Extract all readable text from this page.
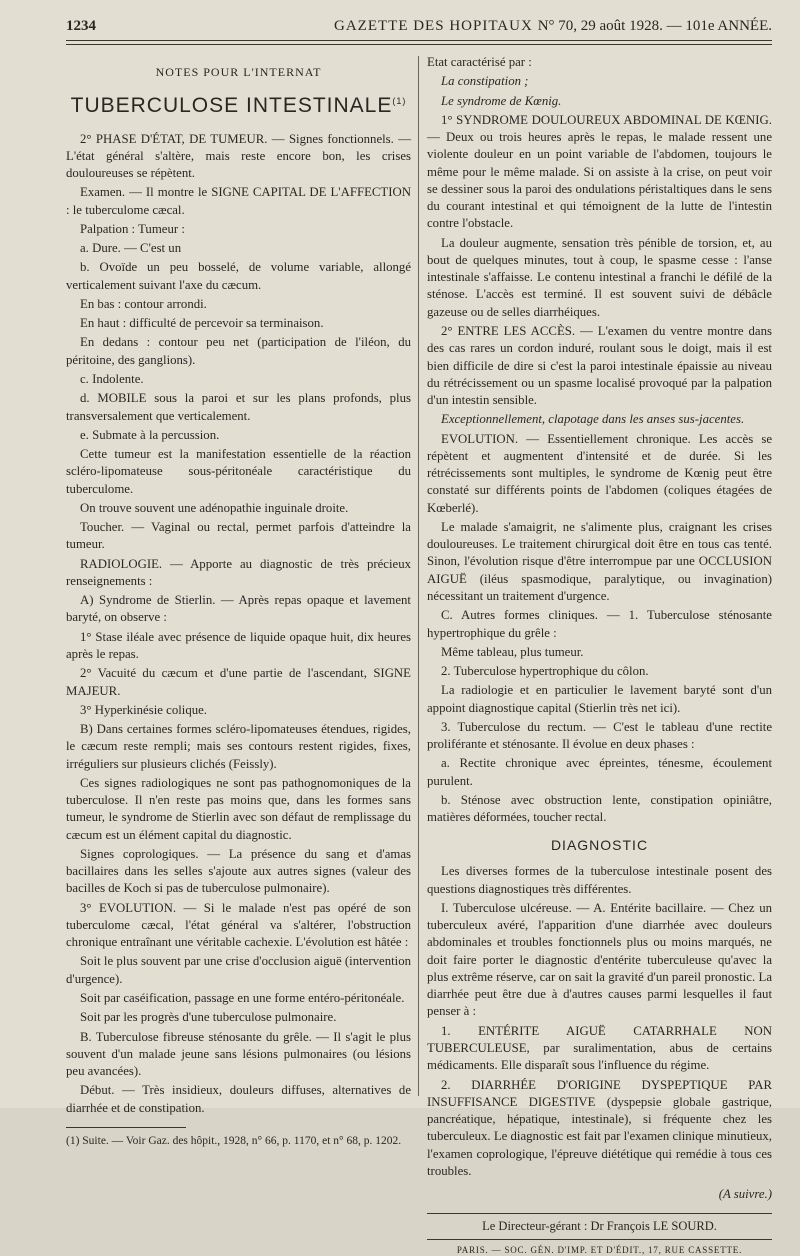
1234	GAZETTE DES HOPITAUX N° 70, 29 août 1928. — 101e ANNÉE.
NOTES POUR L'INTERNAT
TUBERCULOSE INTESTINALE$^{(1)}$

2° PHASE D'ÉTAT, DE TUMEUR. — Signes fonctionnels. — L'état général s'altère, mais reste encore bon, les crises douloureuses se répètent.

Examen. — Il montre le SIGNE CAPITAL DE L'AFFECTION : le tuberculome cæcal.

Palpation : Tumeur :

a. Dure. — C'est un

b. Ovoïde un peu bosselé, de volume variable, allongé verticalement suivant l'axe du cæcum.

En bas : contour arrondi.

En haut : difficulté de percevoir sa terminaison.

En dedans : contour peu net (participation de l'iléon, du péritoine, des ganglions).

c. Indolente.

d. MOBILE sous la paroi et sur les plans profonds, plus transversalement que verticalement.

e. Submate à la percussion.

Cette tumeur est la manifestation essentielle de la réaction scléro-lipomateuse sous-péritonéale caractéristique du tuberculome.

On trouve souvent une adénopathie inguinale droite.

Toucher. — Vaginal ou rectal, permet parfois d'atteindre la tumeur.

RADIOLOGIE. — Apporte au diagnostic de très précieux renseignements :

A) Syndrome de Stierlin. — Après repas opaque et lavement baryté, on observe :

1° Stase iléale avec présence de liquide opaque huit, dix heures après le repas.

2° Vacuité du cæcum et d'une partie de l'ascendant, SIGNE MAJEUR.

3° Hyperkinésie colique.

B) Dans certaines formes scléro-lipomateuses étendues, rigides, le cæcum reste rempli; mais ses contours restent rigides, fixes, irréguliers sur plusieurs clichés (Feissly).

Ces signes radiologiques ne sont pas pathognomoniques de la tuberculose. Il n'en reste pas moins que, dans les formes sans tumeur, le syndrome de Stierlin avec son défaut de remplissage du cæcum est un élément capital du diagnostic.

Signes coprologiques. — La présence du sang et d'amas bacillaires dans les selles s'ajoute aux autres signes (valeur des bacilles de Koch si pas de tuberculose pulmonaire).

3° EVOLUTION. — Si le malade n'est pas opéré de son tuberculome cæcal, l'état général va s'altérer, l'obstruction chronique entraînant une véritable cachexie. L'évolution est hâtée :

Soit le plus souvent par une crise d'occlusion aiguë (intervention d'urgence).

Soit par caséification, passage en une forme entéro-péritonéale.

Soit par les progrès d'une tuberculose pulmonaire.

B. Tuberculose fibreuse sténosante du grêle. — Il s'agit le plus souvent d'un malade jeune sans lésions pulmonaires (ou lésions peu avancées).

Début. — Très insidieux, douleurs diffuses, alternatives de diarrhée et de constipation.

(1) Suite. — Voir Gaz. des hôpit., 1928, n° 66, p. 1170, et n° 68, p. 1202.

Etat caractérisé par :

La constipation ;

Le syndrome de Kœnig.

1° SYNDROME DOULOUREUX ABDOMINAL DE KŒNIG. — Deux ou trois heures après le repas, le malade ressent une violente douleur en un point variable de l'abdomen, toujours le même pour le même malade. Si on assiste à la crise, on peut voir se dessiner sous la paroi des ondulations péristaltiques dans le sens du courant intestinal et qui témoignent de la lutte de l'intestin contre l'obstacle.

La douleur augmente, sensation très pénible de torsion, et, au bout de quelques minutes, tout à coup, le spasme cesse : l'anse intestinale s'affaisse. Le contenu intestinal a franchi le défilé de la sténose. L'accès est terminé. Il est souvent suivi de débâcle gazeuse ou de selles diarrhéiques.

2° ENTRE LES ACCÈS. — L'examen du ventre montre dans des cas rares un cordon induré, roulant sous le doigt, mais il est bien difficile de dire si c'est la paroi intestinale épaissie au niveau du rétrécissement ou un spasme localisé provoqué par la palpation d'un intestin sensible.

Exceptionnellement, clapotage dans les anses sus-jacentes.

EVOLUTION. — Essentiellement chronique. Les accès se répètent et augmentent d'intensité et de durée. Si les rétrécissements sont multiples, le syndrome de Kœnig peut être constaté sur différents points de l'abdomen (coliques étagées de Kœberlé).

Le malade s'amaigrit, ne s'alimente plus, craignant les crises douloureuses. Le traitement chirurgical doit être en tous cas tenté. Sinon, l'évolution risque d'être interrompue par une OCCLUSION AIGUË (iléus spasmodique, paralytique, ou invagination) nécessitant un traitement d'urgence.

C. Autres formes cliniques. — 1. Tuberculose sténosante hypertrophique du grêle :

Même tableau, plus tumeur.

2. Tuberculose hypertrophique du côlon.

La radiologie et en particulier le lavement baryté sont d'un appoint diagnostique capital (Stierlin très net ici).

3. Tuberculose du rectum. — C'est le tableau d'une rectite proliférante et sténosante. Il évolue en deux phases :

a. Rectite chronique avec épreintes, ténesme, écoulement purulent.

b. Sténose avec obstruction lente, constipation opiniâtre, matières déformées, toucher rectal.

DIAGNOSTIC

Les diverses formes de la tuberculose intestinale posent des questions diagnostiques très différentes.

I. Tuberculose ulcéreuse. — A. Entérite bacillaire. — Chez un tuberculeux avéré, l'apparition d'une diarrhée avec douleurs abdominales et troubles fonctionnels plus ou moins marqués, ne doit faire porter le diagnostic d'entérite tuberculeuse qu'avec la plus extrême réserve, car on sait la gravité d'un pareil pronostic. La diarrhée peut être due à d'autres causes parmi lesquelles il faut penser à :

1. ENTÉRITE AIGUË CATARRHALE NON TUBERCULEUSE, par suralimentation, abus de certains médicaments. Elle disparaît sous l'influence du régime.

2. DIARRHÉE D'ORIGINE DYSPEPTIQUE PAR INSUFFISANCE DIGESTIVE (dyspepsie globale gastrique, pancréatique, hépatique, intestinale), si fréquente chez les tuberculeux. Le diagnostic est fait par l'examen clinique minutieux, l'examen coprologique, l'épreuve diététique qui remédie à tous ces troubles.

(A suivre.)
Le Directeur-gérant : Dr François LE SOURD.
PARIS. — SOC. GÉN. D'IMP. ET D'ÉDIT., 17, RUE CASSETTE.
